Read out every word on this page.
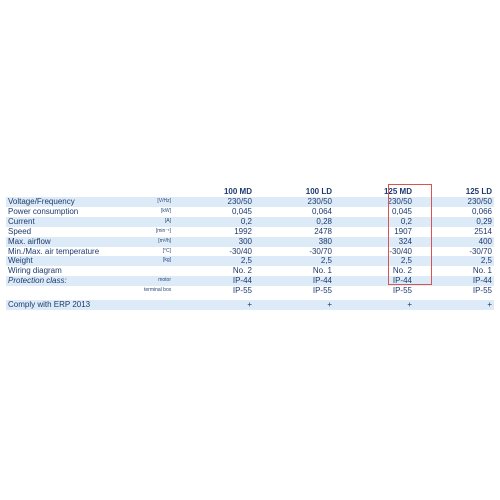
		100 MD	100 LD	125 MD	125 LD
Voltage/Frequency	[V/Hz]	230/50	230/50	230/50	230/50
Power consumption	[kW]	0,045	0,064	0,045	0,066
Current	[A]	0,2	0,28	0,2	0,29
Speed	[min⁻¹]	1992	2478	1907	2514
Max. airflow	[m³/h]	300	380	324	400
Min./Max. air temperature	[°C]	-30/40	-30/70	-30/40	-30/70
Weight	[kg]	2,5	2,5	2,5	2,5
Wiring diagram		No. 2	No. 1	No. 2	No. 1
Protection class:	motor	IP-44	IP-44	IP-44	IP-44
	terminal box	IP-55	IP-55	IP-55	IP-55

Comply with ERP 2013		+	+	+	+
